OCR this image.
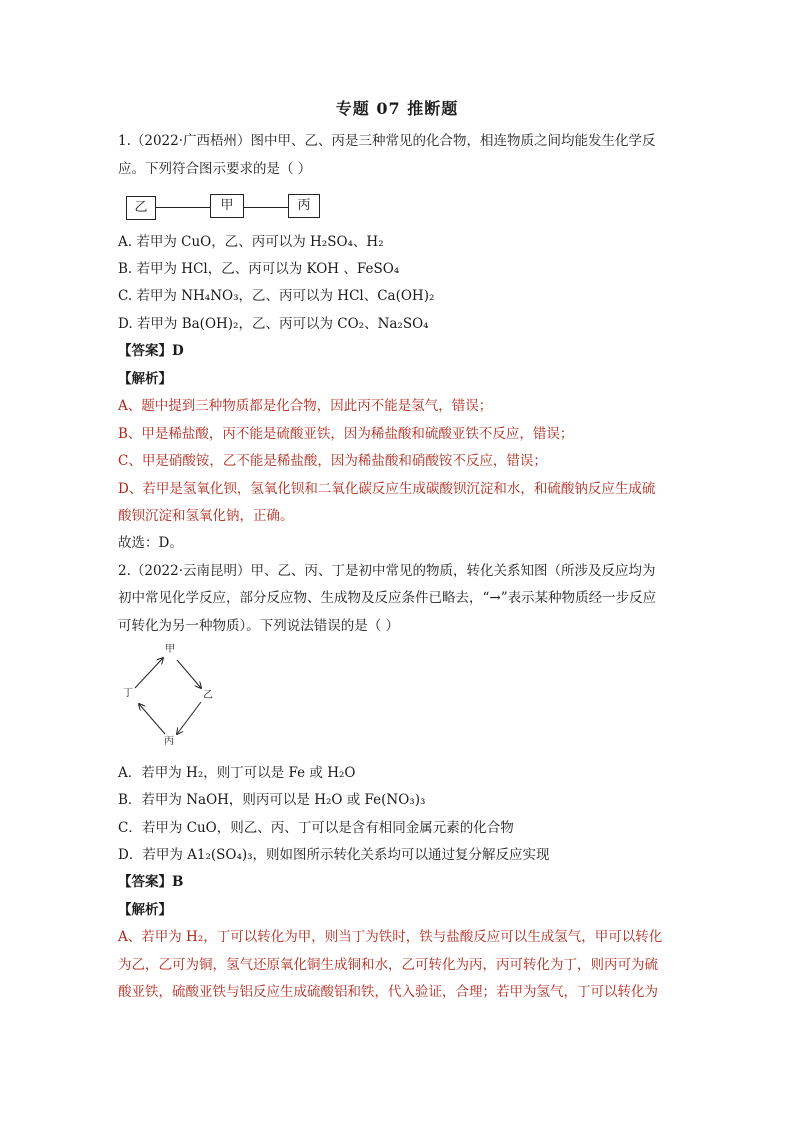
专题 07 推断题
1.（2022·广西梧州）图中甲、乙、丙是三种常见的化合物，相连物质之间均能发生化学反
应。下列符合图示要求的是（ ）
乙	甲	丙
A. 若甲为 CuO，乙、丙可以为 H₂SO₄、H₂
B. 若甲为 HCl，乙、丙可以为 KOH 、FeSO₄
C. 若甲为 NH₄NO₃，乙、丙可以为 HCl、Ca(OH)₂
D. 若甲为 Ba(OH)₂，乙、丙可以为 CO₂、Na₂SO₄
【答案】D
【解析】
A、题中提到三种物质都是化合物，因此丙不能是氢气，错误；
B、甲是稀盐酸，丙不能是硫酸亚铁，因为稀盐酸和硫酸亚铁不反应，错误；
C、甲是硝酸铵，乙不能是稀盐酸，因为稀盐酸和硝酸铵不反应，错误；
D、若甲是氢氧化钡，氢氧化钡和二氧化碳反应生成碳酸钡沉淀和水，和硫酸钠反应生成硫
酸钡沉淀和氢氧化钠，正确。
故选：D。
2.（2022·云南昆明）甲、乙、丙、丁是初中常见的物质，转化关系知图（所涉及反应均为
初中常见化学反应，部分反应物、生成物及反应条件已略去，“→”表示某种物质经一步反应
可转化为另一种物质）。下列说法错误的是（ ）
甲
乙
丙
丁
A．若甲为 H₂，则丁可以是 Fe 或 H₂O
B．若甲为 NaOH，则丙可以是 H₂O 或 Fe(NO₃)₃
C．若甲为 CuO，则乙、丙、丁可以是含有相同金属元素的化合物
D．若甲为 A1₂(SO₄)₃，则如图所示转化关系均可以通过复分解反应实现
【答案】B
【解析】
A、若甲为 H₂，丁可以转化为甲，则当丁为铁时，铁与盐酸反应可以生成氢气，甲可以转化
为乙，乙可为铜，氢气还原氧化铜生成铜和水，乙可转化为丙，丙可转化为丁，则丙可为硫
酸亚铁，硫酸亚铁与铝反应生成硫酸铝和铁，代入验证，合理；若甲为氢气，丁可以转化为
